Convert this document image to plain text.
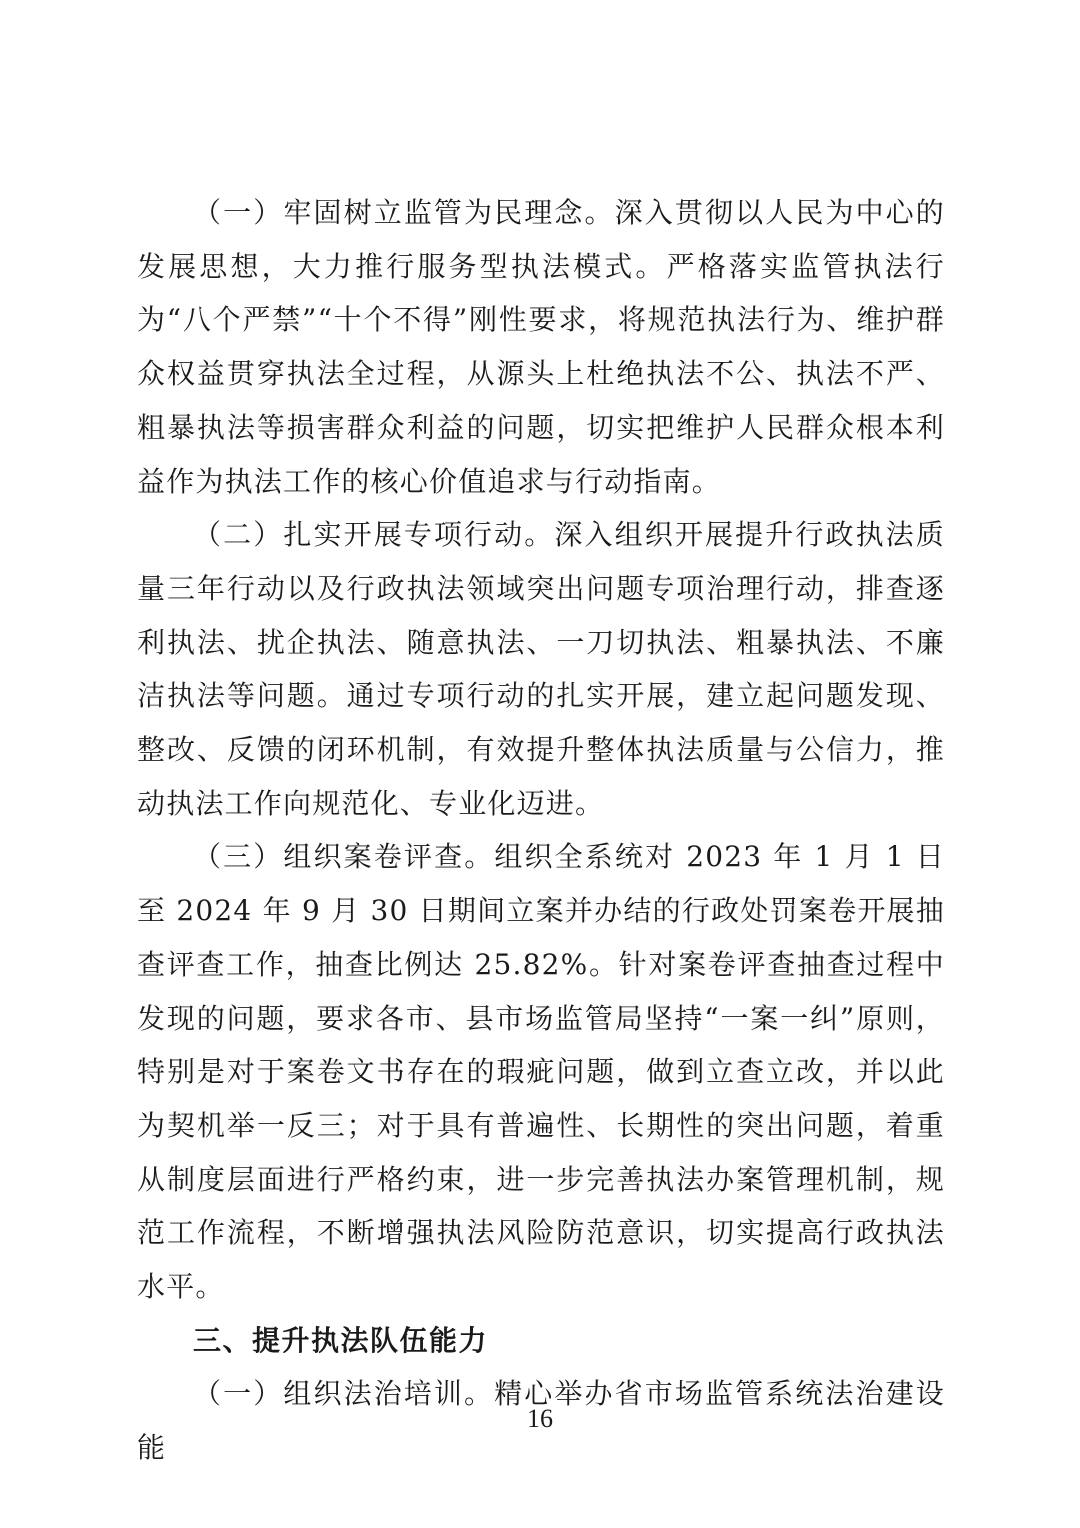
（一）牢固树立监管为民理念。深入贯彻以人民为中心的发展思想，大力推行服务型执法模式。严格落实监管执法行为“八个严禁”“十个不得”刚性要求，将规范执法行为、维护群众权益贯穿执法全过程，从源头上杜绝执法不公、执法不严、粗暴执法等损害群众利益的问题，切实把维护人民群众根本利益作为执法工作的核心价值追求与行动指南。

（二）扎实开展专项行动。深入组织开展提升行政执法质量三年行动以及行政执法领域突出问题专项治理行动，排查逐利执法、扰企执法、随意执法、一刀切执法、粗暴执法、不廉洁执法等问题。通过专项行动的扎实开展，建立起问题发现、整改、反馈的闭环机制，有效提升整体执法质量与公信力，推动执法工作向规范化、专业化迈进。

（三）组织案卷评查。组织全系统对 2023 年 1 月 1 日至 2024 年 9 月 30 日期间立案并办结的行政处罚案卷开展抽查评查工作，抽查比例达 25.82%。针对案卷评查抽查过程中发现的问题，要求各市、县市场监管局坚持“一案一纠”原则，特别是对于案卷文书存在的瑕疵问题，做到立查立改，并以此为契机举一反三；对于具有普遍性、长期性的突出问题，着重从制度层面进行严格约束，进一步完善执法办案管理机制，规范工作流程，不断增强执法风险防范意识，切实提高行政执法水平。

三、提升执法队伍能力

（一）组织法治培训。精心举办省市场监管系统法治建设能

16
